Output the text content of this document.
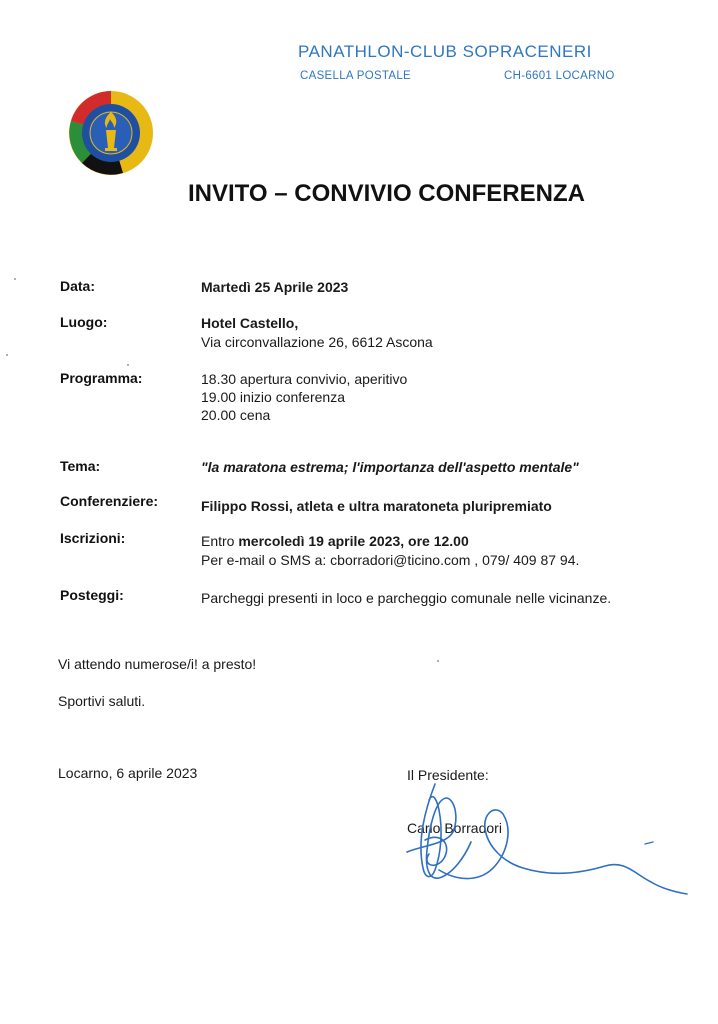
PANATHLON-CLUB SOPRACENERI
CASELLA POSTALE	CH-6601 LOCARNO
INVITO – CONVIVIO CONFERENZA
Data:	Martedì 25 Aprile 2023
Luogo:	Hotel Castello,
Via circonvallazione 26, 6612 Ascona
Programma:	18.30 apertura convivio, aperitivo
19.00 inizio conferenza
20.00 cena
Tema:	"la maratona estrema; l'importanza dell'aspetto mentale"
Conferenziere:	Filippo Rossi, atleta e ultra maratoneta pluripremiato
Iscrizioni:	Entro mercoledì 19 aprile 2023, ore 12.00
Per e-mail o SMS a: cborradori@ticino.com , 079/ 409 87 94.
Posteggi:	Parcheggi presenti in loco e parcheggio comunale nelle vicinanze.
Vi attendo numerose/i! a presto!
Sportivi saluti.
Locarno, 6 aprile 2023	Il Presidente:
Carlo Borradori
